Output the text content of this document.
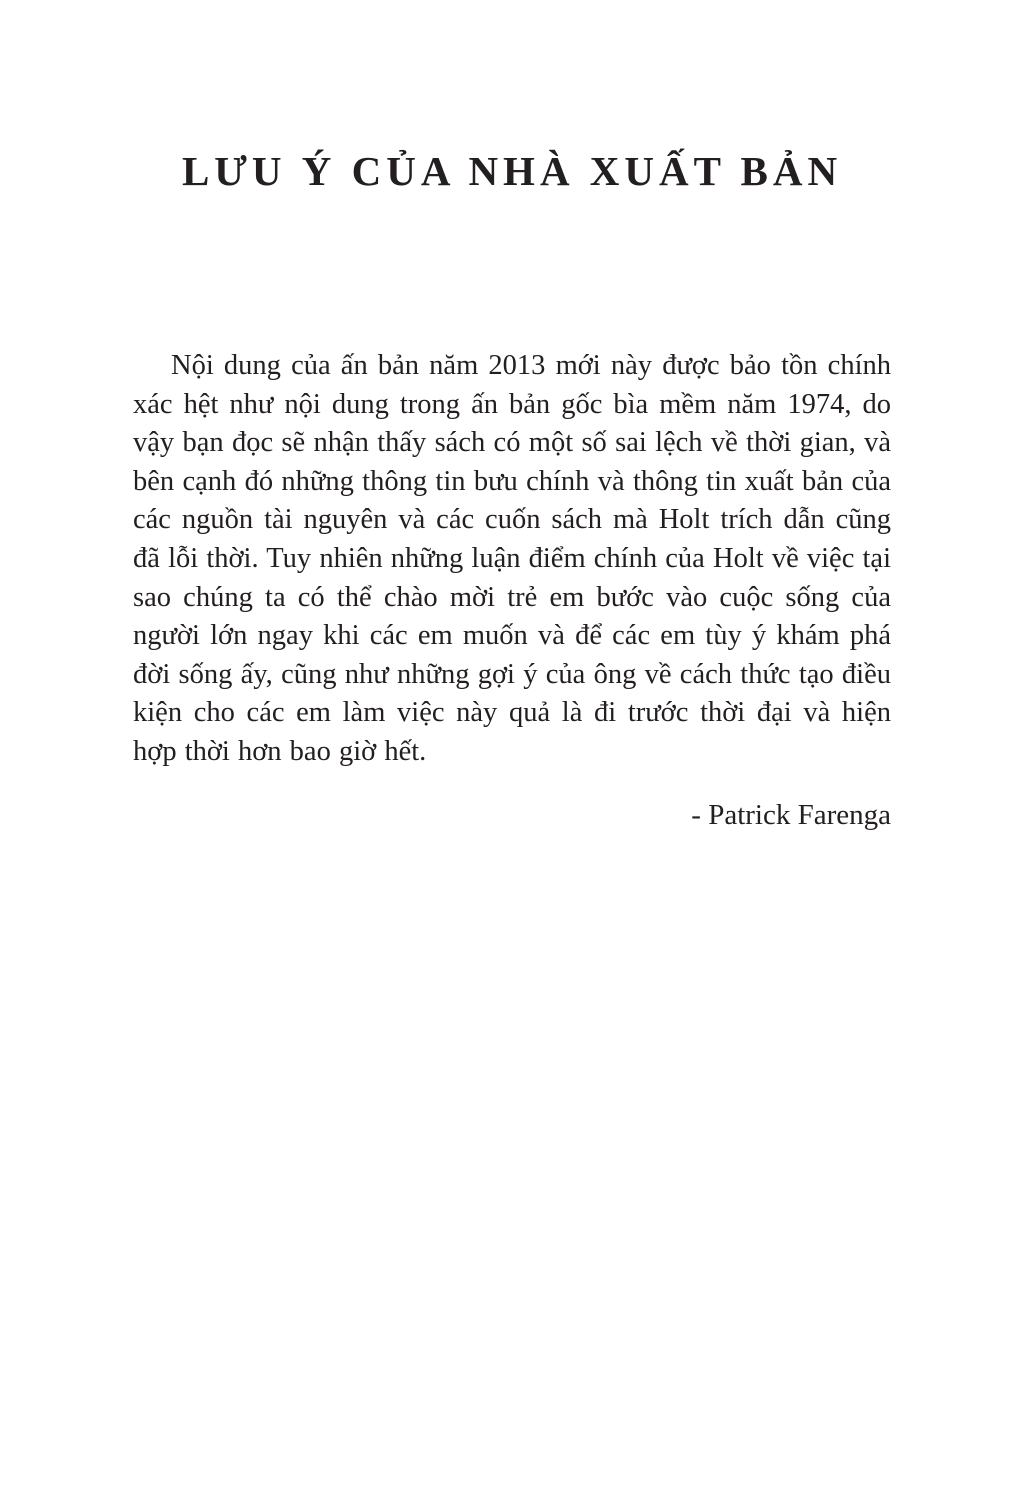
LƯU Ý CỦA NHÀ XUẤT BẢN

Nội dung của ấn bản năm 2013 mới này được bảo tồn chính xác hệt như nội dung trong ấn bản gốc bìa mềm năm 1974, do vậy bạn đọc sẽ nhận thấy sách có một số sai lệch về thời gian, và bên cạnh đó những thông tin bưu chính và thông tin xuất bản của các nguồn tài nguyên và các cuốn sách mà Holt trích dẫn cũng đã lỗi thời. Tuy nhiên những luận điểm chính của Holt về việc tại sao chúng ta có thể chào mời trẻ em bước vào cuộc sống của người lớn ngay khi các em muốn và để các em tùy ý khám phá đời sống ấy, cũng như những gợi ý của ông về cách thức tạo điều kiện cho các em làm việc này quả là đi trước thời đại và hiện hợp thời hơn bao giờ hết.

- Patrick Farenga
